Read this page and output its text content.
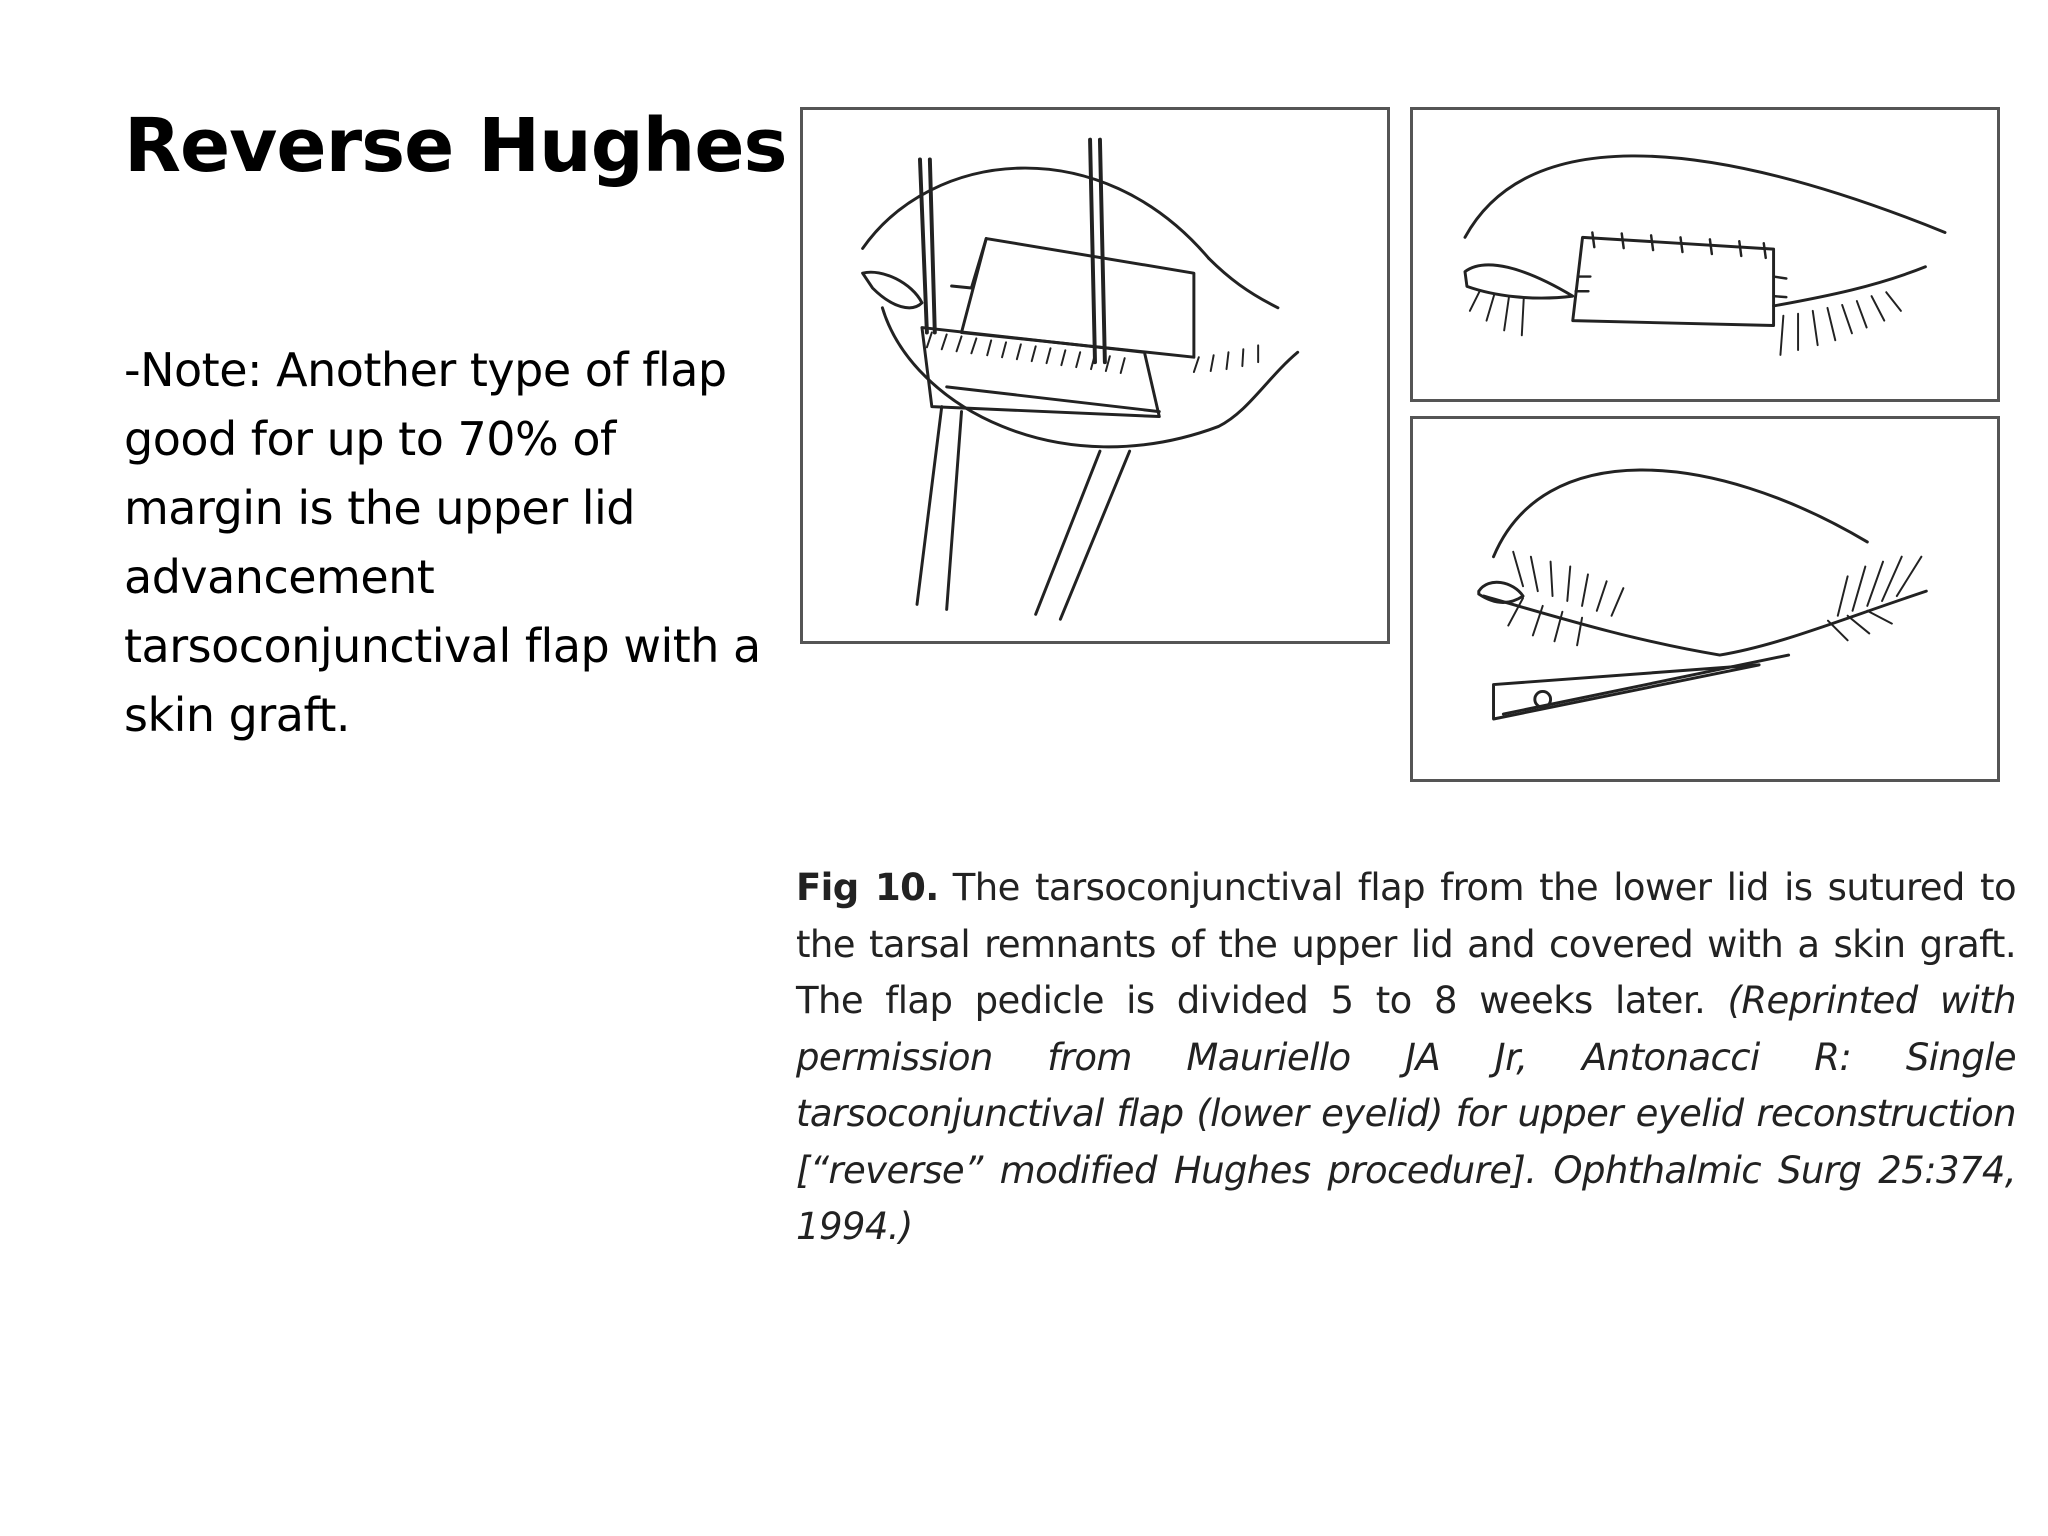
Reverse Hughes

-Note: Another type of flap good for up to 70% of margin is the upper lid advancement tarsoconjunctival flap with a skin graft.

Fig 10. The tarsoconjunctival flap from the lower lid is sutured to the tarsal remnants of the upper lid and covered with a skin graft. The flap pedicle is divided 5 to 8 weeks later. (Reprinted with permission from Mauriello JA Jr, Antonacci R: Single tarsoconjunctival flap (lower eyelid) for upper eyelid reconstruction [“reverse” modified Hughes procedure]. Ophthalmic Surg 25:374, 1994.)
